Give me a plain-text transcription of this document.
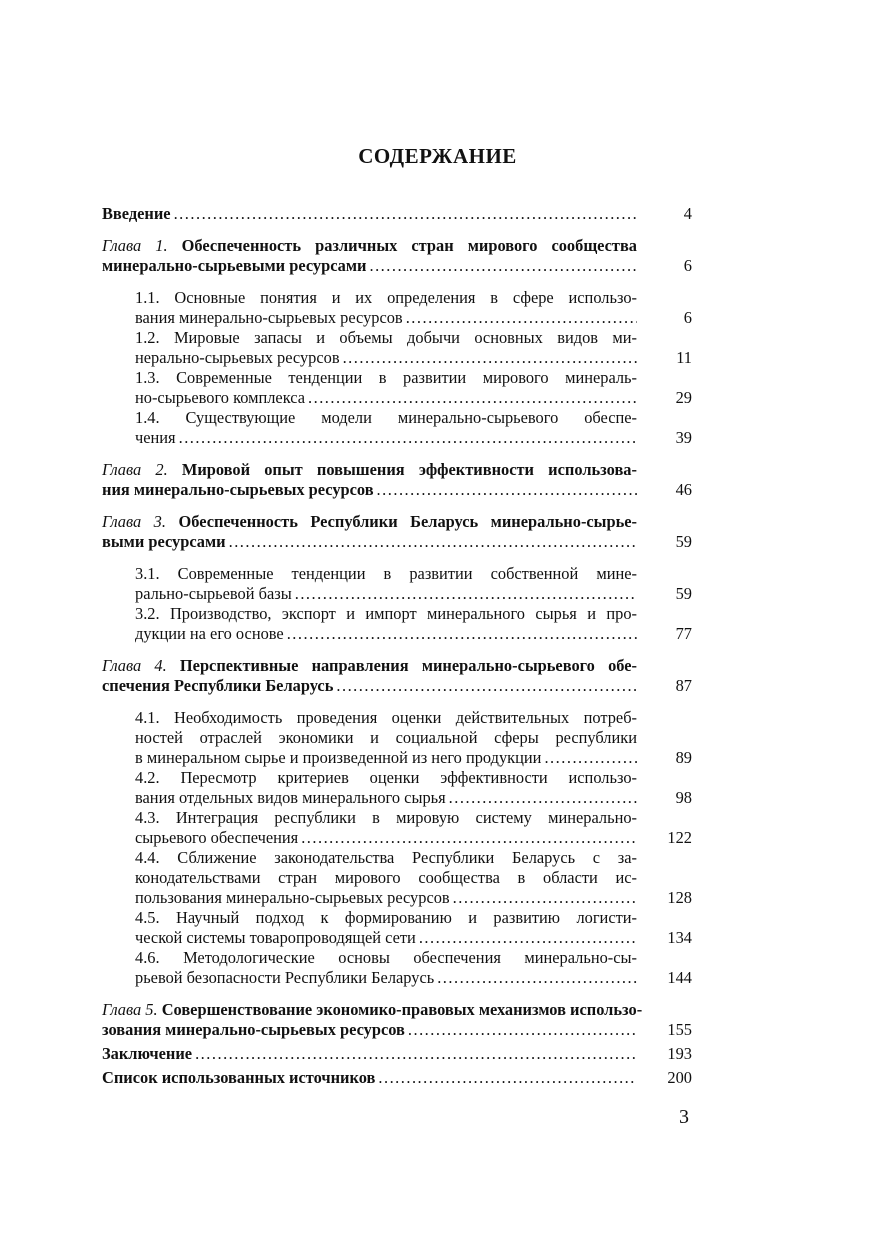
СОДЕРЖАНИЕ
Введение .....	4
Глава 1. Обеспеченность различных стран мирового сообщества
минерально-сырьевыми ресурсами .....	6
1.1. Основные понятия и их определения в сфере использо-
вания минерально-сырьевых ресурсов .....	6
1.2. Мировые запасы и объемы добычи основных видов ми-
нерально-сырьевых ресурсов .....	11
1.3. Современные тенденции в развитии мирового минераль-
но-сырьевого комплекса .....	29
1.4. Существующие модели минерально-сырьевого обеспе-
чения .....	39
Глава 2. Мировой опыт повышения эффективности использова-
ния минерально-сырьевых ресурсов .....	46
Глава 3. Обеспеченность Республики Беларусь минерально-сырье-
выми ресурсами .....	59
3.1. Современные тенденции в развитии собственной мине-
рально-сырьевой базы .....	59
3.2. Производство, экспорт и импорт минерального сырья и про-
дукции на его основе .....	77
Глава 4. Перспективные направления минерально-сырьевого обе-
спечения Республики Беларусь .....	87
4.1. Необходимость проведения оценки действительных потреб-
ностей отраслей экономики и социальной сферы республики
в минеральном сырье и произведенной из него продукции .....	89
4.2. Пересмотр критериев оценки эффективности использо-
вания отдельных видов минерального сырья .....	98
4.3. Интеграция республики в мировую систему минерально-
сырьевого обеспечения .....	122
4.4. Сближение законодательства Республики Беларусь с за-
конодательствами стран мирового сообщества в области ис-
пользования минерально-сырьевых ресурсов .....	128
4.5. Научный подход к формированию и развитию логисти-
ческой системы товаропроводящей сети .....	134
4.6. Методологические основы обеспечения минерально-сы-
рьевой безопасности Республики Беларусь .....	144
Глава 5. Совершенствование экономико-правовых механизмов использо-
зования минерально-сырьевых ресурсов .....	155
Заключение .....	193
Список использованных источников .....	200
3
